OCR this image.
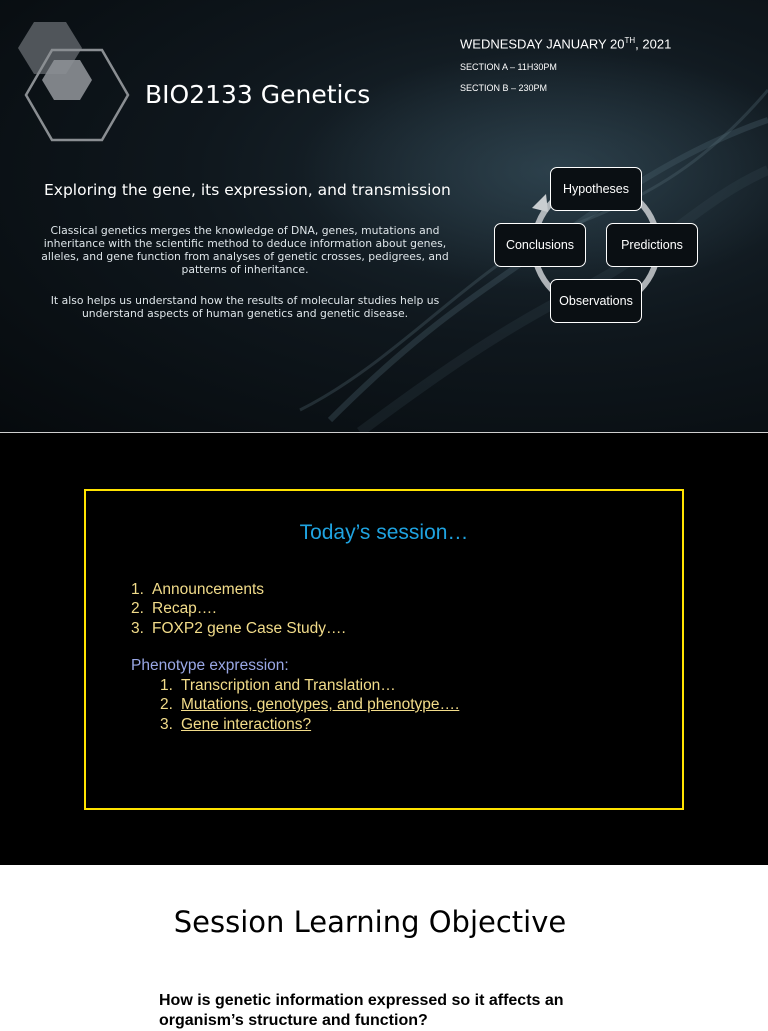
BIO2133 Genetics
WEDNESDAY JANUARY 20TH, 2021
SECTION A – 11H30PM
SECTION B – 230PM
Exploring the gene, its expression, and transmission
Classical genetics merges the knowledge of DNA, genes, mutations and inheritance with the scientific method to deduce information about genes, alleles, and gene function from analyses of genetic crosses, pedigrees, and patterns of inheritance.
It also helps us understand how the results of molecular studies help us understand aspects of human genetics and genetic disease.
Hypotheses
Predictions
Observations
Conclusions
Today’s session…
1. Announcements
2. Recap….
3. FOXP2 gene Case Study….
Phenotype expression:
1. Transcription and Translation…
2. Mutations, genotypes, and phenotype….
3. Gene interactions?
Session Learning Objective
How is genetic information expressed so it affects an organism’s structure and function?
